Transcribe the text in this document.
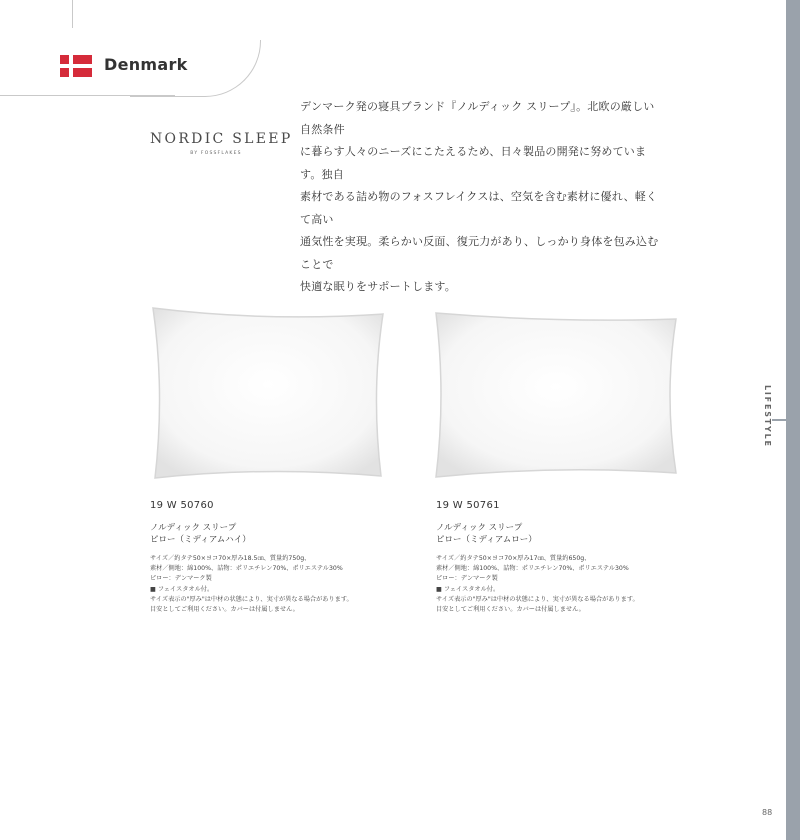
Denmark
NORDIC SLEEP
BY FOSSFLAKES
デンマーク発の寝具ブランド『ノルディック スリープ』。北欧の厳しい自然条件
に暮らす人々のニーズにこたえるため、日々製品の開発に努めています。独自
素材である詰め物のフォスフレイクスは、空気を含む素材に優れ、軽くて高い
通気性を実現。柔らかい反面、復元力があり、しっかり身体を包み込むことで
快適な眠りをサポートします。
19 W 50760
ノルディック スリープ
ピロー（ミディアムハイ）
サイズ／約タテ50×ヨコ70×厚み18.5㎝、質量約750g、
素材／側地：綿100%、詰物：ポリエチレン70%、ポリエステル30%
ピロー：デンマーク製
■ フェイスタオル付。
サイズ表示の"厚み"は中材の状態により、実寸が異なる場合があります。
目安としてご利用ください。カバーは付属しません。
19 W 50761
ノルディック スリープ
ピロー（ミディアムロー）
サイズ／約タテ50×ヨコ70×厚み17㎝、質量約650g、
素材／側地：綿100%、詰物：ポリエチレン70%、ポリエステル30%
ピロー：デンマーク製
■ フェイスタオル付。
サイズ表示の"厚み"は中材の状態により、実寸が異なる場合があります。
目安としてご利用ください。カバーは付属しません。
LIFESTYLE
88
